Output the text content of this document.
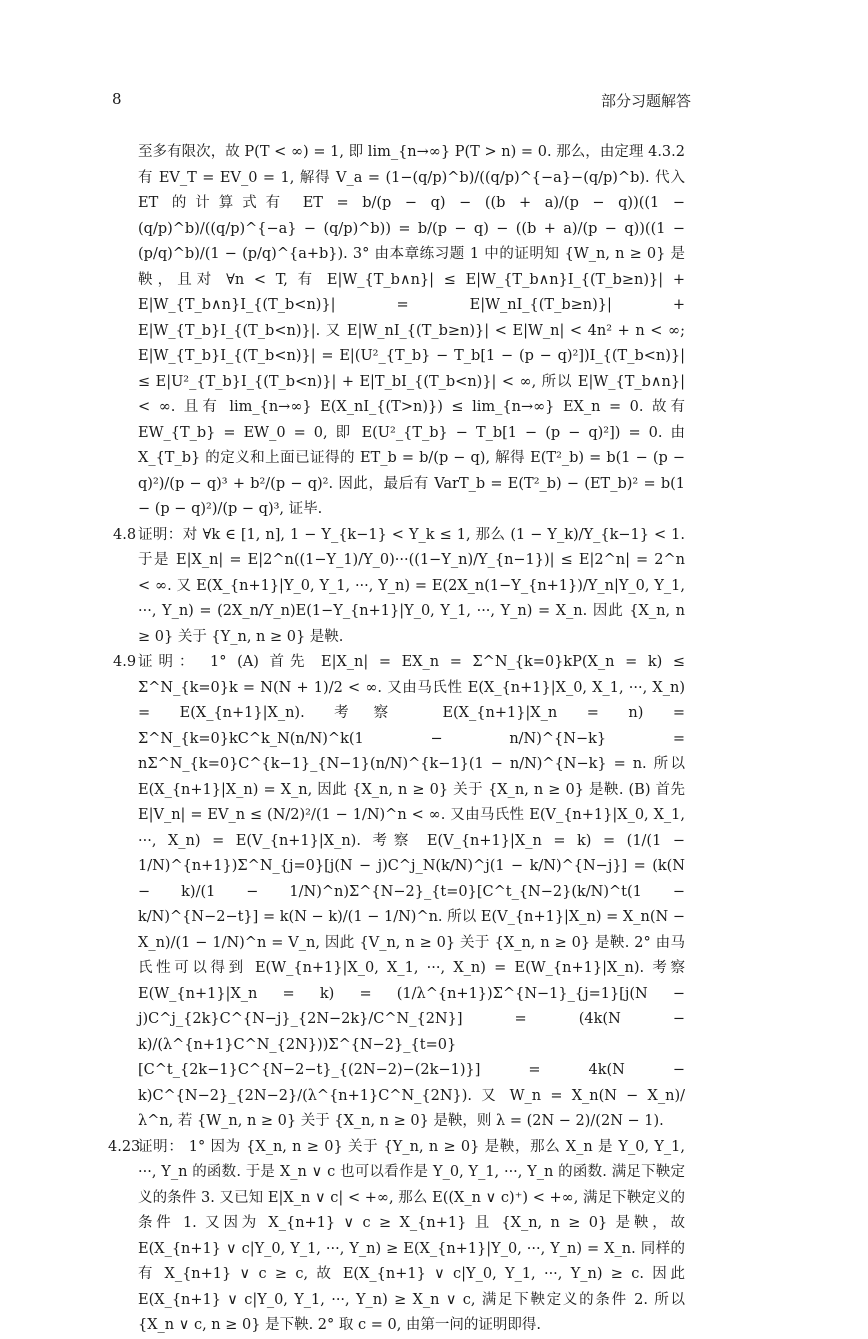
8	部分习题解答
至多有限次，故 P(T < ∞) = 1, 即 lim_{n→∞} P(T > n) = 0. 那么，由定理 4.3.2 有 EV_T = EV_0 = 1, 解得 V_a = (1−(q/p)^b)/((q/p)^{−a}−(q/p)^b). 代入 ET 的计算式有 ET = b/(p − q) − ((b + a)/(p − q))((1 − (q/p)^b)/((q/p)^{−a} − (q/p)^b)) = b/(p − q) − ((b + a)/(p − q))((1 − (p/q)^b)/(1 − (p/q)^{a+b}). 3° 由本章练习题 1 中的证明知 {W_n, n ≥ 0} 是鞅，且对 ∀n < T, 有 E|W_{T_b∧n}| ≤ E|W_{T_b∧n}I_{(T_b≥n)}| + E|W_{T_b∧n}I_{(T_b<n)}| = E|W_nI_{(T_b≥n)}| + E|W_{T_b}I_{(T_b<n)}|. 又 E|W_nI_{(T_b≥n)}| < E|W_n| < 4n² + n < ∞; E|W_{T_b}I_{(T_b<n)}| = E|(U²_{T_b} − T_b[1 − (p − q)²])I_{(T_b<n)}| ≤ E|U²_{T_b}I_{(T_b<n)}| + E|T_bI_{(T_b<n)}| < ∞, 所以 E|W_{T_b∧n}| < ∞. 且有 lim_{n→∞} E(X_nI_{(T>n)}) ≤ lim_{n→∞} EX_n = 0. 故有 EW_{T_b} = EW_0 = 0, 即 E(U²_{T_b} − T_b[1 − (p − q)²]) = 0. 由 X_{T_b} 的定义和上面已证得的 ET_b = b/(p − q), 解得 E(T²_b) = b(1 − (p − q)²)/(p − q)³ + b²/(p − q)². 因此，最后有 VarT_b = E(T²_b) − (ET_b)² = b(1 − (p − q)²)/(p − q)³, 证毕.
4.8 证明：对 ∀k ∈ [1, n], 1 − Y_{k−1} < Y_k ≤ 1, 那么 (1 − Y_k)/Y_{k−1} < 1. 于是 E|X_n| = E|2^n((1−Y_1)/Y_0)···((1−Y_n)/Y_{n−1})| ≤ E|2^n| = 2^n < ∞. 又 E(X_{n+1}|Y_0, Y_1, ···, Y_n) = E(2X_n(1−Y_{n+1})/Y_n|Y_0, Y_1, ···, Y_n) = (2X_n/Y_n)E(1−Y_{n+1}|Y_0, Y_1, ···, Y_n) = X_n. 因此 {X_n, n ≥ 0} 关于 {Y_n, n ≥ 0} 是鞅.
4.9 证明： 1° (A) 首先 E|X_n| = EX_n = Σ^N_{k=0}kP(X_n = k) ≤ Σ^N_{k=0}k = N(N + 1)/2 < ∞. 又由马氏性 E(X_{n+1}|X_0, X_1, ···, X_n) = E(X_{n+1}|X_n). 考察 E(X_{n+1}|X_n = n) = Σ^N_{k=0}kC^k_N(n/N)^k(1 − n/N)^{N−k} = nΣ^N_{k=0}C^{k−1}_{N−1}(n/N)^{k−1}(1 − n/N)^{N−k} = n. 所以 E(X_{n+1}|X_n) = X_n, 因此 {X_n, n ≥ 0} 关于 {X_n, n ≥ 0} 是鞅. (B) 首先 E|V_n| = EV_n ≤ (N/2)²/(1 − 1/N)^n < ∞. 又由马氏性 E(V_{n+1}|X_0, X_1, ···, X_n) = E(V_{n+1}|X_n). 考察 E(V_{n+1}|X_n = k) = (1/(1 − 1/N)^{n+1})Σ^N_{j=0}[j(N − j)C^j_N(k/N)^j(1 − k/N)^{N−j}] = (k(N − k)/(1 − 1/N)^n)Σ^{N−2}_{t=0}[C^t_{N−2}(k/N)^t(1 − k/N)^{N−2−t}] = k(N − k)/(1 − 1/N)^n. 所以 E(V_{n+1}|X_n) = X_n(N − X_n)/(1 − 1/N)^n = V_n, 因此 {V_n, n ≥ 0} 关于 {X_n, n ≥ 0} 是鞅. 2° 由马氏性可以得到 E(W_{n+1}|X_0, X_1, ···, X_n) = E(W_{n+1}|X_n). 考察 E(W_{n+1}|X_n = k) = (1/λ^{n+1})Σ^{N−1}_{j=1}[j(N − j)C^j_{2k}C^{N−j}_{2N−2k}/C^N_{2N}] = (4k(N − k)/(λ^{n+1}C^N_{2N}))Σ^{N−2}_{t=0}[C^t_{2k−1}C^{N−2−t}_{(2N−2)−(2k−1)}] = 4k(N − k)C^{N−2}_{2N−2}/(λ^{n+1}C^N_{2N}). 又 W_n = X_n(N − X_n)/λ^n, 若 {W_n, n ≥ 0} 关于 {X_n, n ≥ 0} 是鞅，则 λ = (2N − 2)/(2N − 1).
4.23
证明： 1° 因为 {X_n, n ≥ 0} 关于 {Y_n, n ≥ 0} 是鞅，那么 X_n 是 Y_0, Y_1, ···, Y_n 的函数. 于是 X_n ∨ c 也可以看作是 Y_0, Y_1, ···, Y_n 的函数. 满足下鞅定义的条件 3. 又已知 E|X_n ∨ c| < +∞, 那么 E((X_n ∨ c)⁺) < +∞, 满足下鞅定义的条件 1. 又因为 X_{n+1} ∨ c ≥ X_{n+1} 且 {X_n, n ≥ 0} 是鞅，故 E(X_{n+1} ∨ c|Y_0, Y_1, ···, Y_n) ≥ E(X_{n+1}|Y_0, ···, Y_n) = X_n. 同样的有 X_{n+1} ∨ c ≥ c, 故 E(X_{n+1} ∨ c|Y_0, Y_1, ···, Y_n) ≥ c. 因此 E(X_{n+1} ∨ c|Y_0, Y_1, ···, Y_n) ≥ X_n ∨ c, 满足下鞅定义的条件 2. 所以 {X_n ∨ c, n ≥ 0} 是下鞅. 2° 取 c = 0, 由第一问的证明即得.
